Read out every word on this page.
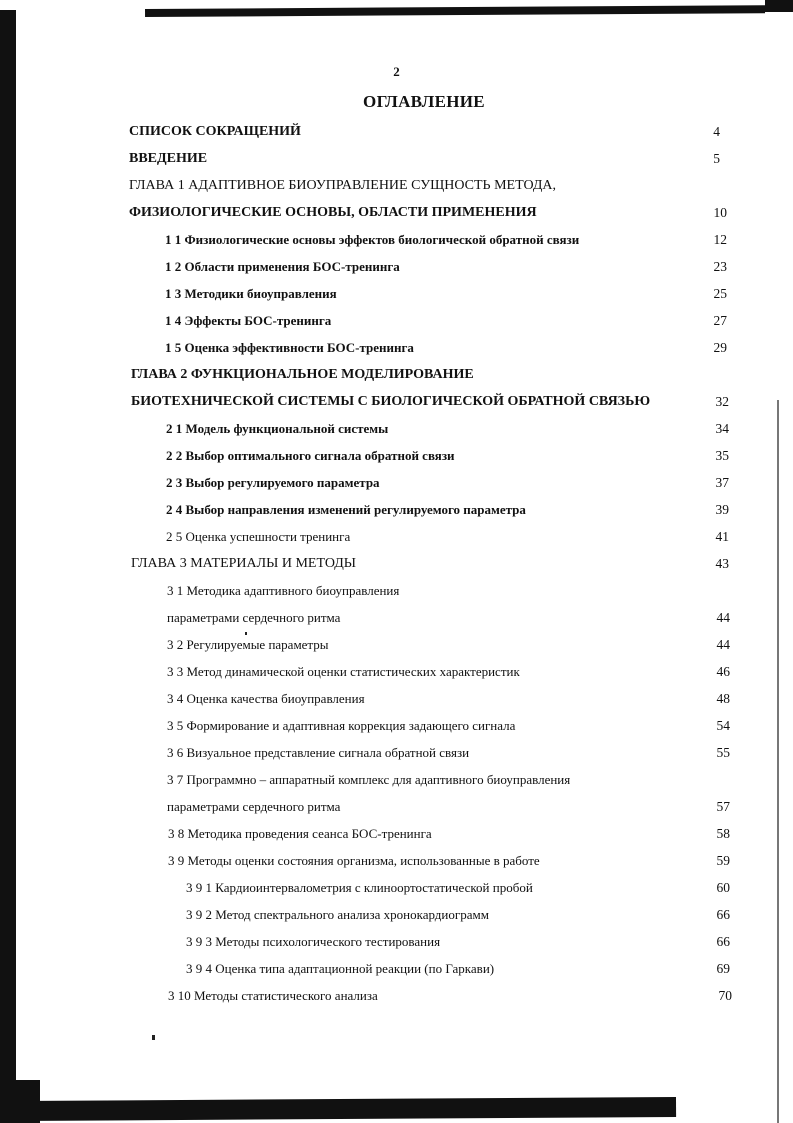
2
ОГЛАВЛЕНИЕ
СПИСОК СОКРАЩЕНИЙ	4
ВВЕДЕНИЕ	5
ГЛАВА 1 АДАПТИВНОЕ БИОУПРАВЛЕНИЕ СУЩНОСТЬ МЕТОДА,
ФИЗИОЛОГИЧЕСКИЕ ОСНОВЫ, ОБЛАСТИ ПРИМЕНЕНИЯ	10
1 1 Физиологические основы эффектов биологической обратной связи	12
1 2 Области применения БОС-тренинга	23
1 3 Методики биоуправления	25
1 4 Эффекты БОС-тренинга	27
1 5 Оценка эффективности БОС-тренинга	29
ГЛАВА 2 ФУНКЦИОНАЛЬНОЕ МОДЕЛИРОВАНИЕ
БИОТЕХНИЧЕСКОЙ СИСТЕМЫ С БИОЛОГИЧЕСКОЙ ОБРАТНОЙ СВЯЗЬЮ	32
2 1 Модель функциональной системы	34
2 2 Выбор оптимального сигнала обратной связи	35
2 3 Выбор регулируемого параметра	37
2 4 Выбор направления изменений регулируемого параметра	39
2 5 Оценка успешности тренинга	41
ГЛАВА 3 МАТЕРИАЛЫ И МЕТОДЫ	43
3 1 Методика адаптивного биоуправления
параметрами сердечного ритма	44
3 2 Регулируемые параметры	44
3 3 Метод динамической оценки статистических характеристик	46
3 4 Оценка качества биоуправления	48
3 5 Формирование и адаптивная коррекция задающего сигнала	54
3 6 Визуальное представление сигнала обратной связи	55
3 7 Программно – аппаратный комплекс для адаптивного биоуправления
параметрами сердечного ритма	57
3 8 Методика проведения сеанса БОС-тренинга	58
3 9 Методы оценки состояния организма, использованные в работе	59
3 9 1 Кардиоинтервалометрия с клиноортостатической пробой	60
3 9 2 Метод спектрального анализа хронокардиограмм	66
3 9 3 Методы психологического тестирования	66
3 9 4 Оценка типа адаптационной реакции (по Гаркави)	69
3 10 Методы статистического анализа	70
